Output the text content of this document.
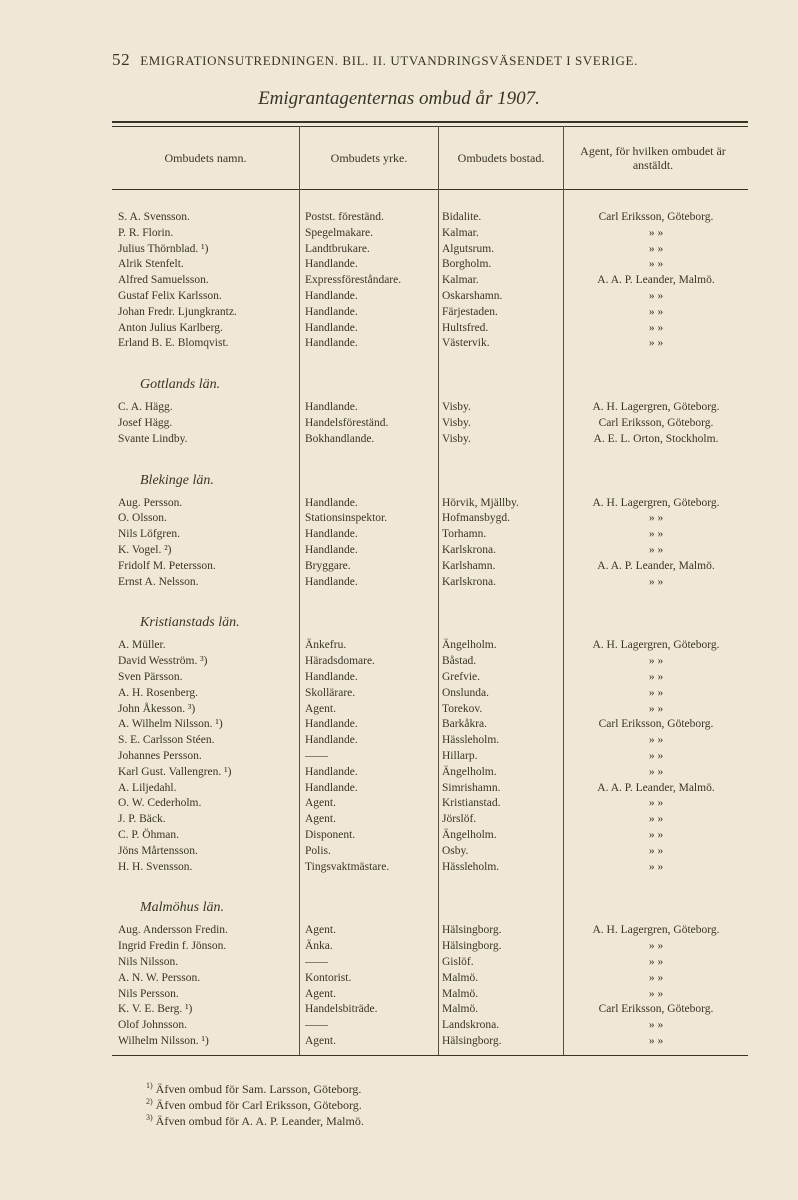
52 EMIGRATIONSUTREDNINGEN. BIL. II. UTVANDRINGSVÄSENDET I SVERIGE.
Emigrantagenternas ombud år 1907.
Ombudets namn.	Ombudets yrke.	Ombudets bostad.	Agent, för hvilken ombudet är anstäldt.
S. A. Svensson.	Postst. föreständ.	Bidalite.	Carl Eriksson, Göteborg.
P. R. Florin.	Spegelmakare.	Kalmar.	» »
Julius Thörnblad. ¹)	Landtbrukare.	Algutsrum.	» »
Alrik Stenfelt.	Handlande.	Borgholm.	» »
Alfred Samuelsson.	Expressföreståndare.	Kalmar.	A. A. P. Leander, Malmö.
Gustaf Felix Karlsson.	Handlande.	Oskarshamn.	» »
Johan Fredr. Ljungkrantz.	Handlande.	Färjestaden.	» »
Anton Julius Karlberg.	Handlande.	Hultsfred.	» »
Erland B. E. Blomqvist.	Handlande.	Västervik.	» »
Gottlands län.
C. A. Hägg.	Handlande.	Visby.	A. H. Lagergren, Göteborg.
Josef Hägg.	Handelsföreständ.	Visby.	Carl Eriksson, Göteborg.
Svante Lindby.	Bokhandlande.	Visby.	A. E. L. Orton, Stockholm.
Blekinge län.
Aug. Persson.	Handlande.	Hörvik, Mjällby.	A. H. Lagergren, Göteborg.
O. Olsson.	Stationsinspektor.	Hofmansbygd.	» »
Nils Löfgren.	Handlande.	Torhamn.	» »
K. Vogel. ²)	Handlande.	Karlskrona.	» »
Fridolf M. Petersson.	Bryggare.	Karlshamn.	A. A. P. Leander, Malmö.
Ernst A. Nelsson.	Handlande.	Karlskrona.	» »
Kristianstads län.
A. Müller.	Änkefru.	Ängelholm.	A. H. Lagergren, Göteborg.
David Wesström. ³)	Häradsdomare.	Båstad.	» »
Sven Pärsson.	Handlande.	Grefvie.	» »
A. H. Rosenberg.	Skollärare.	Onslunda.	» »
John Åkesson. ³)	Agent.	Torekov.	» »
A. Wilhelm Nilsson. ¹)	Handlande.	Barkåkra.	Carl Eriksson, Göteborg.
S. E. Carlsson Stéen.	Handlande.	Hässleholm.	» »
Johannes Persson.	——	Hillarp.	» »
Karl Gust. Vallengren. ¹)	Handlande.	Ängelholm.	» »
A. Liljedahl.	Handlande.	Simrishamn.	A. A. P. Leander, Malmö.
O. W. Cederholm.	Agent.	Kristianstad.	» »
J. P. Bäck.	Agent.	Jörslöf.	» »
C. P. Öhman.	Disponent.	Ängelholm.	» »
Jöns Mårtensson.	Polis.	Osby.	» »
H. H. Svensson.	Tingsvaktmästare.	Hässleholm.	» »
Malmöhus län.
Aug. Andersson Fredin.	Agent.	Hälsingborg.	A. H. Lagergren, Göteborg.
Ingrid Fredin f. Jönson.	Änka.	Hälsingborg.	» »
Nils Nilsson.	——	Gislöf.	» »
A. N. W. Persson.	Kontorist.	Malmö.	» »
Nils Persson.	Agent.	Malmö.	» »
K. V. E. Berg. ¹)	Handelsbiträde.	Malmö.	Carl Eriksson, Göteborg.
Olof Johnsson.	——	Landskrona.	» »
Wilhelm Nilsson. ¹)	Agent.	Hälsingborg.	» »
$^{1)}$ Äfven ombud för Sam. Larsson, Göteborg.
$^{2)}$ Äfven ombud för Carl Eriksson, Göteborg.
$^{3)}$ Äfven ombud för A. A. P. Leander, Malmö.
